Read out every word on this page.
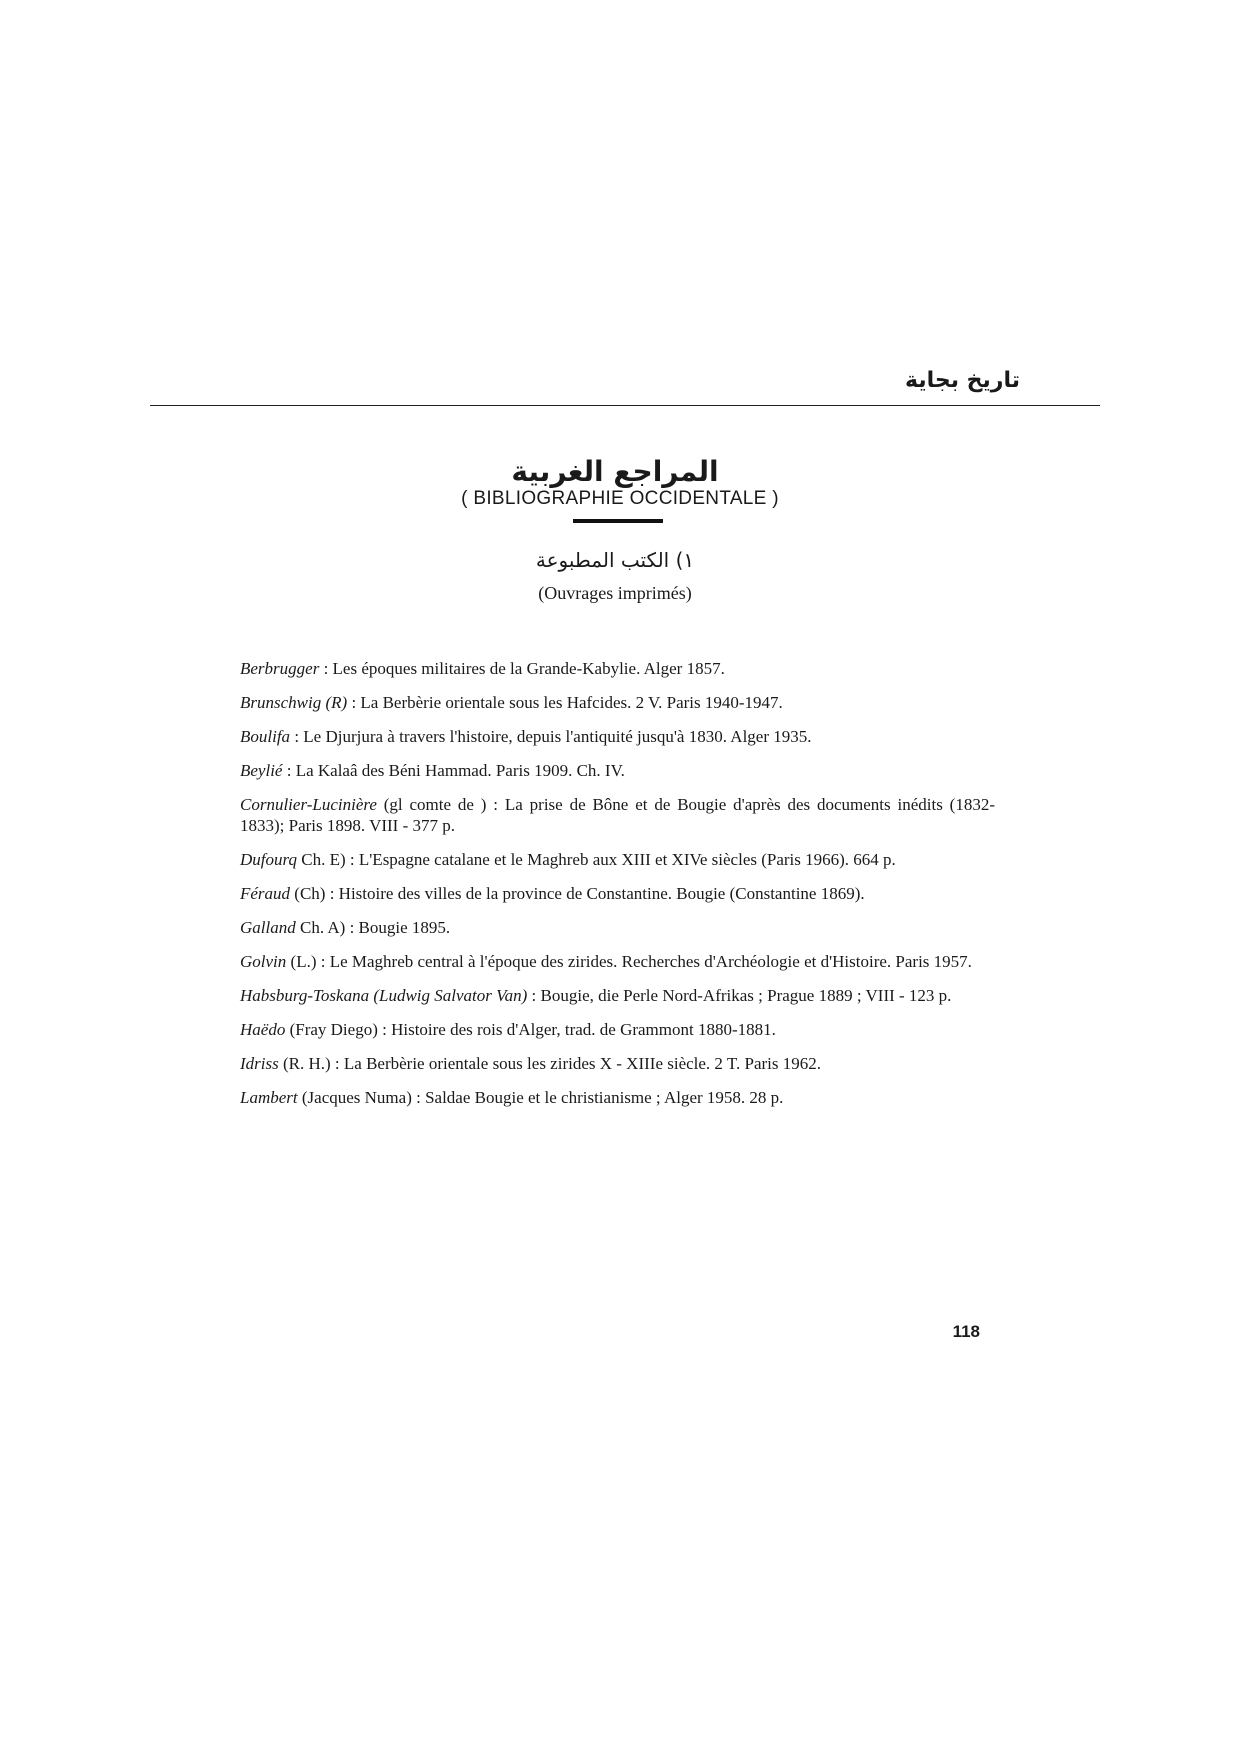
تاريخ بجاية
المراجع الغربية
( BIBLIOGRAPHIE OCCIDENTALE )
١) الكتب المطبوعة
(Ouvrages imprimés)

Berbrugger : Les époques militaires de la Grande-Kabylie. Alger 1857.

Brunschwig (R) : La Berbèrie orientale sous les Hafcides. 2 V. Paris 1940-1947.

Boulifa : Le Djurjura à travers l'histoire, depuis l'antiquité jusqu'à 1830. Alger 1935.

Beylié : La Kalaâ des Béni Hammad. Paris 1909. Ch. IV.

Cornulier-Lucinière (gl comte de ) : La prise de Bône et de Bougie d'après des documents inédits (1832-1833); Paris 1898. VIII - 377 p.

Dufourq Ch. E) : L'Espagne catalane et le Maghreb aux XIII et XIVe siècles (Paris 1966). 664 p.

Féraud (Ch) : Histoire des villes de la province de Constantine. Bougie (Constantine 1869).

Galland Ch. A) : Bougie 1895.

Golvin (L.) : Le Maghreb central à l'époque des zirides. Recherches d'Archéologie et d'Histoire. Paris 1957.

Habsburg-Toskana (Ludwig Salvator Van) : Bougie, die Perle Nord-Afrikas ; Prague 1889 ; VIII - 123 p.

Haëdo (Fray Diego) : Histoire des rois d'Alger, trad. de Grammont 1880-1881.

Idriss (R. H.) : La Berbèrie orientale sous les zirides X - XIIIe siècle. 2 T. Paris 1962.

Lambert (Jacques Numa) : Saldae Bougie et le christianisme ; Alger 1958. 28 p.

118
